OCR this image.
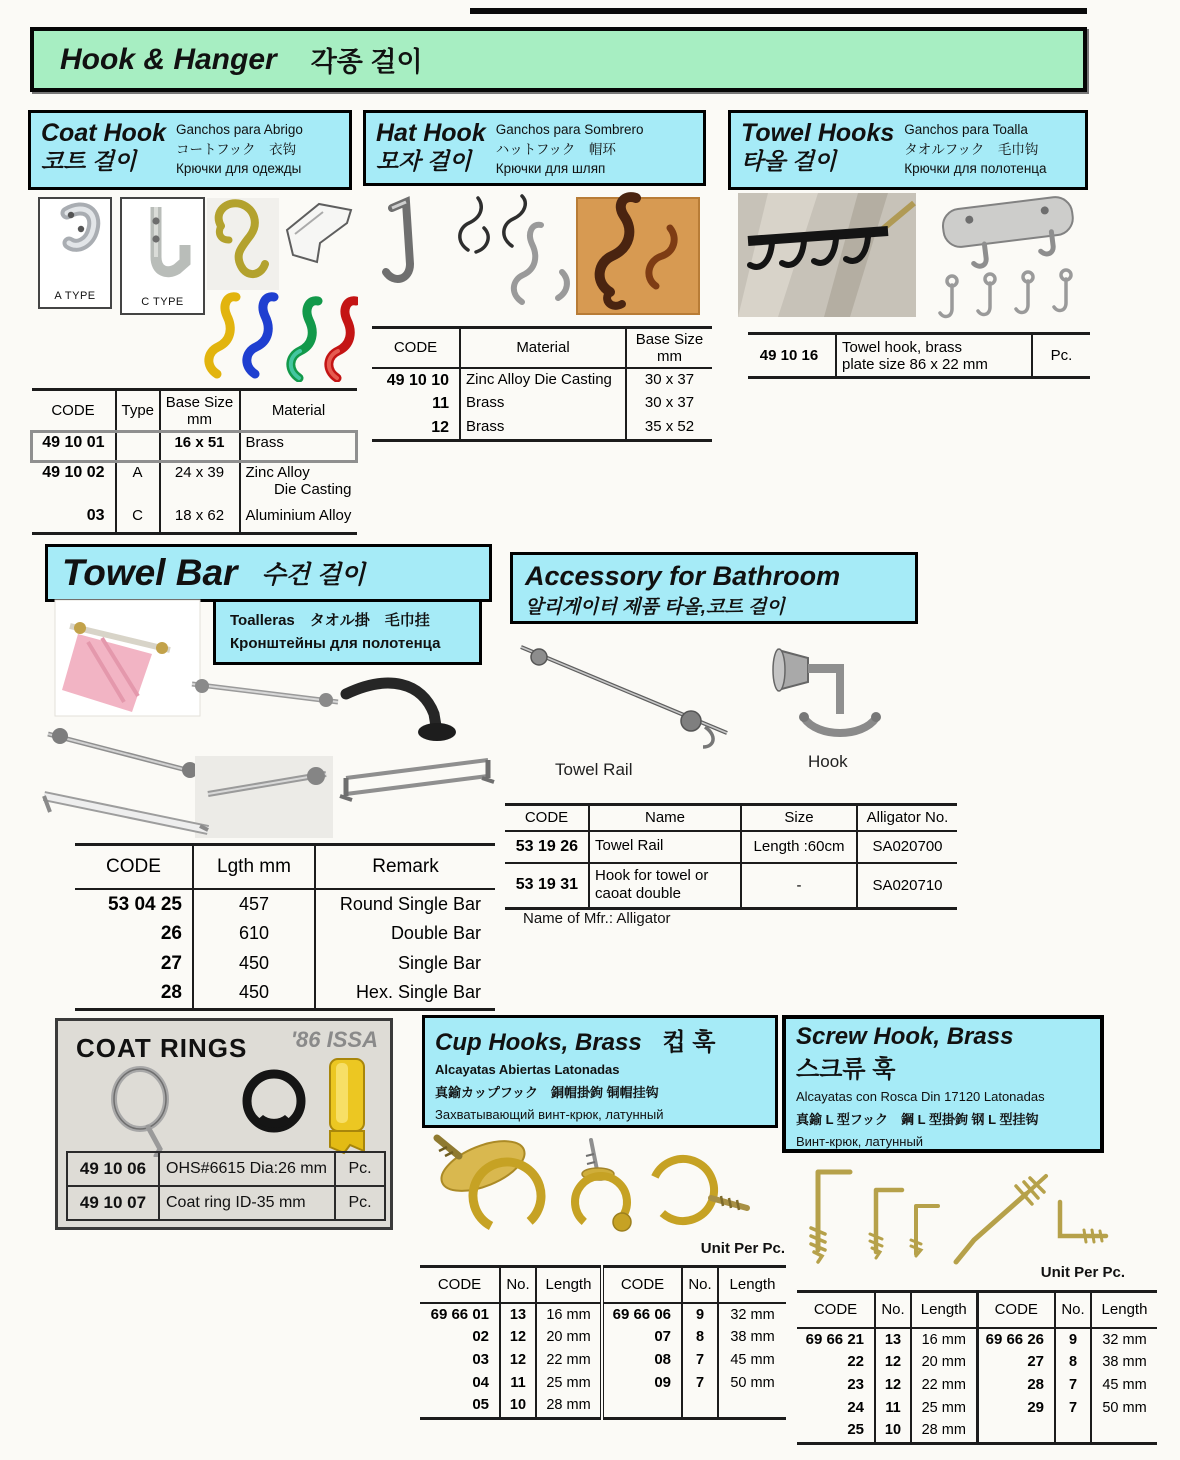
Hook & Hanger 각종 걸이
Coat Hook
코트 걸이
Ganchos para Abrigo
コートフック　衣钩
Крючки для одежды
A TYPE	C TYPE
CODE	Type	Base Size
mm	Material
49 10 01		16 x 51	Brass
49 10 02	A	24 x 39	Zinc Alloy
Die Casting

03	C	18 x 62	Aluminium Alloy
Hat Hook
모자 걸이
Ganchos para Sombrero
ハットフック　帽环
Крючки для шляп
CODE	Material	Base Size
mm
49 10 10	Zinc Alloy Die Casting	30 x 37
11	Brass	30 x 37
12	Brass	35 x 52
Towel Hooks
타올 걸이
Ganchos para Toalla
タオルフック　毛巾钩
Крючки для полотенца
49 10 16	Towel hook, brass
plate size 86 x 22 mm	Pc.
Towel Bar 수건 걸이
Toalleras　タオル掛　毛巾挂
Кронштейны для полотенца
CODE	Lgth mm	Remark
53 04 25	457	Round Single Bar
26	610	Double Bar
27	450	Single Bar
28	450	Hex. Single Bar
Accessory for Bathroom
알리게이터 제품 타올,코트 걸이
Towel Rail	Hook
CODE	Name	Size	Alligator No.
53 19 26	Towel Rail	Length :60cm	SA020700
53 19 31	Hook for towel or caoat double	-	SA020710
Name of Mfr.: Alligator
COAT RINGS '86 ISSA
49 10 06	OHS#6615 Dia:26 mm	Pc.
49 10 07	Coat ring ID-35 mm	Pc.
Cup Hooks, Brass 컵 훅
Alcayatas Abiertas Latonadas
真鍮カップフック　銅帽掛鉤 铜帽挂钩
Захватывающий винт-крюк, латунный
Unit Per Pc.
CODE	No.	Length	CODE	No.	Length
69 66 01	13	16 mm	69 66 06	9	32 mm
02	12	20 mm	07	8	38 mm
03	12	22 mm	08	7	45 mm
04	11	25 mm	09	7	50 mm
05	10	28 mm			
Screw Hook, Brass
스크류 훅
Alcayatas con Rosca Din 17120 Latonadas
真鍮 L 型フック　鋼 L 型掛鉤 钢 L 型挂钩
Винт-крюк, латунный
Unit Per Pc.
CODE	No.	Length	CODE	No.	Length
69 66 21	13	16 mm	69 66 26	9	32 mm
22	12	20 mm	27	8	38 mm
23	12	22 mm	28	7	45 mm
24	11	25 mm	29	7	50 mm
25	10	28 mm			
